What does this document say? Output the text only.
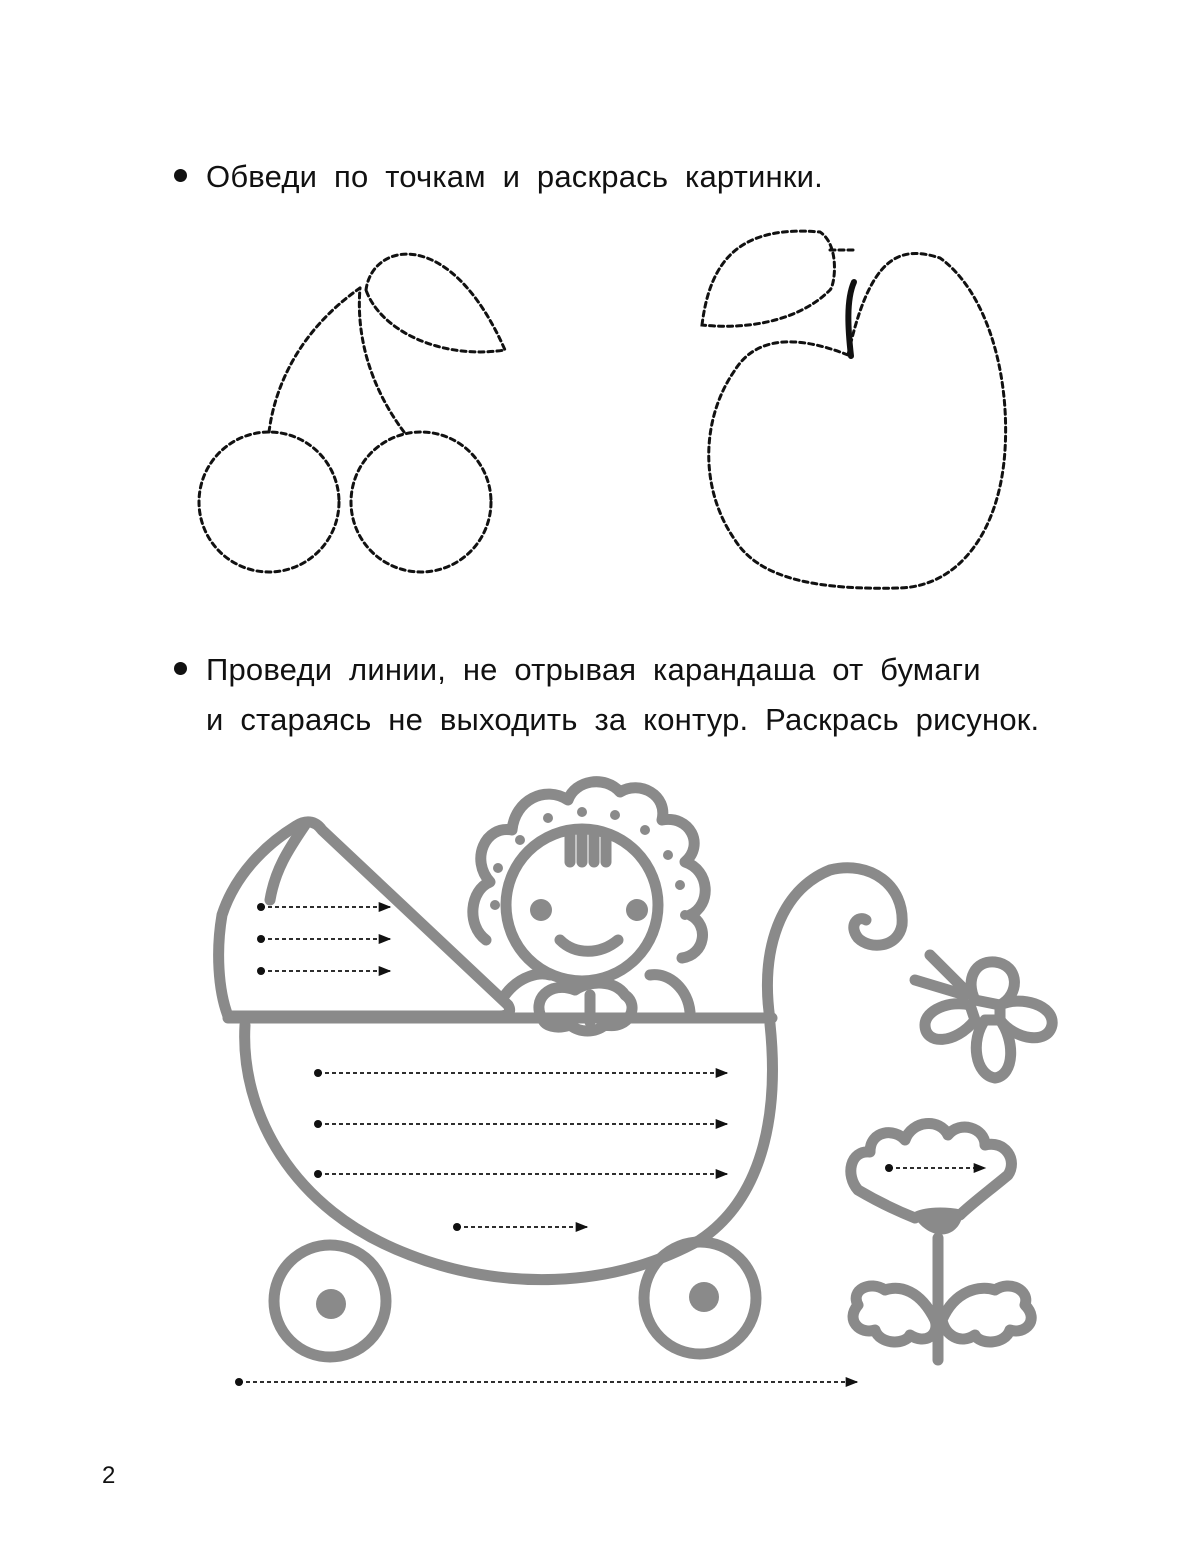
Обведи по точкам и раскрась картинки.
Проведи линии, не отрывая карандаша от бумаги
и стараясь не выходить за контур. Раскрась рисунок.
2
